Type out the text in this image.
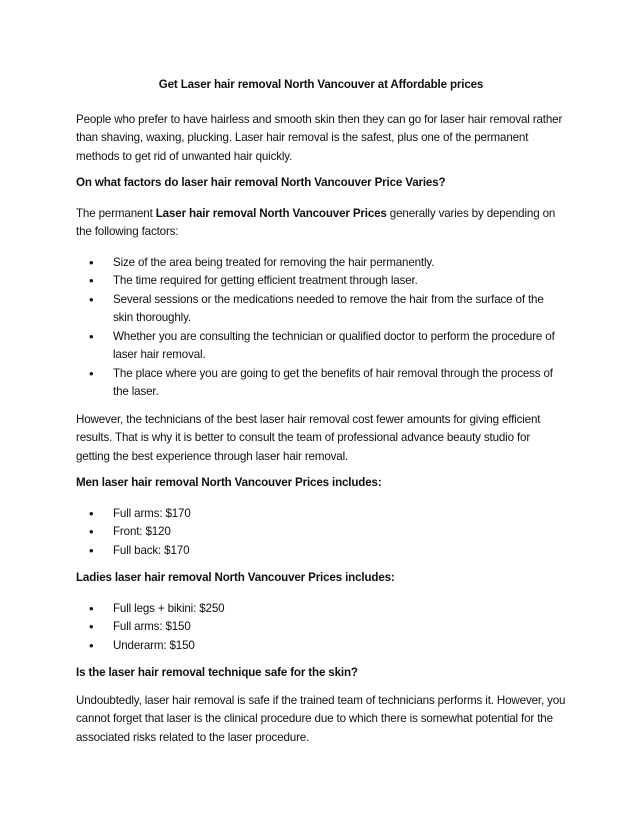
Get Laser hair removal North Vancouver at Affordable prices

People who prefer to have hairless and smooth skin then they can go for laser hair removal rather than shaving, waxing, plucking. Laser hair removal is the safest, plus one of the permanent methods to get rid of unwanted hair quickly.

On what factors do laser hair removal North Vancouver Price Varies?

The permanent Laser hair removal North Vancouver Prices generally varies by depending on the following factors:

• Size of the area being treated for removing the hair permanently.
• The time required for getting efficient treatment through laser.
• Several sessions or the medications needed to remove the hair from the surface of the skin thoroughly.
• Whether you are consulting the technician or qualified doctor to perform the procedure of laser hair removal.
• The place where you are going to get the benefits of hair removal through the process of the laser.

However, the technicians of the best laser hair removal cost fewer amounts for giving efficient results. That is why it is better to consult the team of professional advance beauty studio for getting the best experience through laser hair removal.

Men laser hair removal North Vancouver Prices includes:

• Full arms: $170
• Front: $120
• Full back: $170

Ladies laser hair removal North Vancouver Prices includes:

• Full legs + bikini: $250
• Full arms: $150
• Underarm: $150

Is the laser hair removal technique safe for the skin?

Undoubtedly, laser hair removal is safe if the trained team of technicians performs it. However, you cannot forget that laser is the clinical procedure due to which there is somewhat potential for the associated risks related to the laser procedure.
